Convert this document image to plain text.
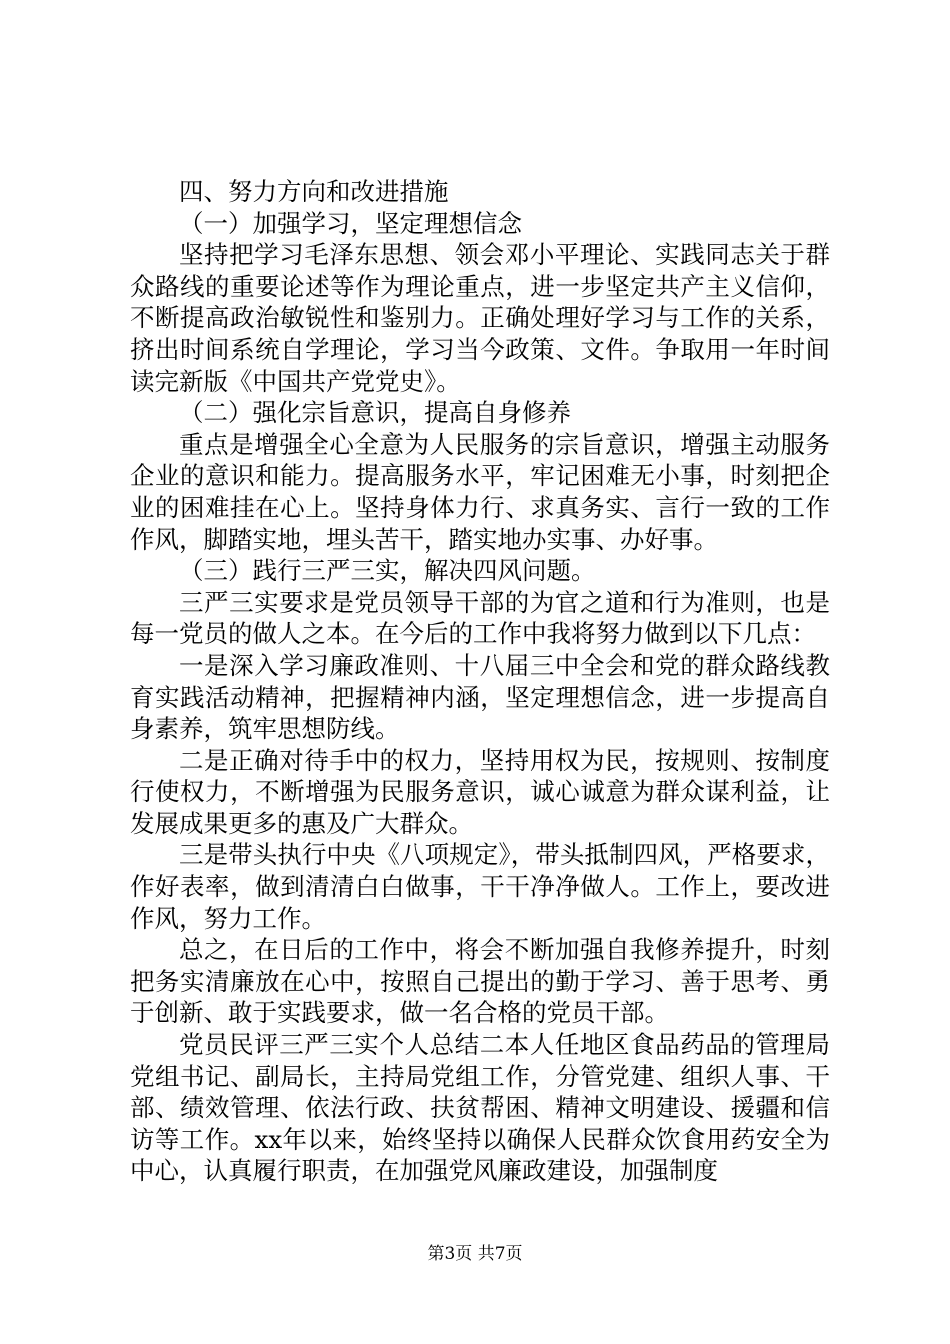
四、努力方向和改进措施

（一）加强学习，坚定理想信念

坚持把学习毛泽东思想、领会邓小平理论、实践同志关于群众路线的重要论述等作为理论重点，进一步坚定共产主义信仰，不断提高政治敏锐性和鉴别力。正确处理好学习与工作的关系，挤出时间系统自学理论，学习当今政策、文件。争取用一年时间读完新版《中国共产党党史》。

（二）强化宗旨意识，提高自身修养

重点是增强全心全意为人民服务的宗旨意识，增强主动服务企业的意识和能力。提高服务水平，牢记困难无小事，时刻把企业的困难挂在心上。坚持身体力行、求真务实、言行一致的工作作风，脚踏实地，埋头苦干，踏实地办实事、办好事。

（三）践行三严三实，解决四风问题。

三严三实要求是党员领导干部的为官之道和行为准则，也是每一党员的做人之本。在今后的工作中我将努力做到以下几点：

一是深入学习廉政准则、十八届三中全会和党的群众路线教育实践活动精神，把握精神内涵，坚定理想信念，进一步提高自身素养，筑牢思想防线。

二是正确对待手中的权力，坚持用权为民，按规则、按制度行使权力，不断增强为民服务意识，诚心诚意为群众谋利益，让发展成果更多的惠及广大群众。

三是带头执行中央《八项规定》，带头抵制四风，严格要求，作好表率，做到清清白白做事，干干净净做人。工作上，要改进作风，努力工作。

总之，在日后的工作中，将会不断加强自我修养提升，时刻把务实清廉放在心中，按照自己提出的勤于学习、善于思考、勇于创新、敢于实践要求，做一名合格的党员干部。

党员民评三严三实个人总结二本人任地区食品药品的管理局党组书记、副局长，主持局党组工作，分管党建、组织人事、干部、绩效管理、依法行政、扶贫帮困、精神文明建设、援疆和信访等工作。xx年以来，始终坚持以确保人民群众饮食用药安全为中心，认真履行职责，在加强党风廉政建设，加强制度

第3页 共7页
